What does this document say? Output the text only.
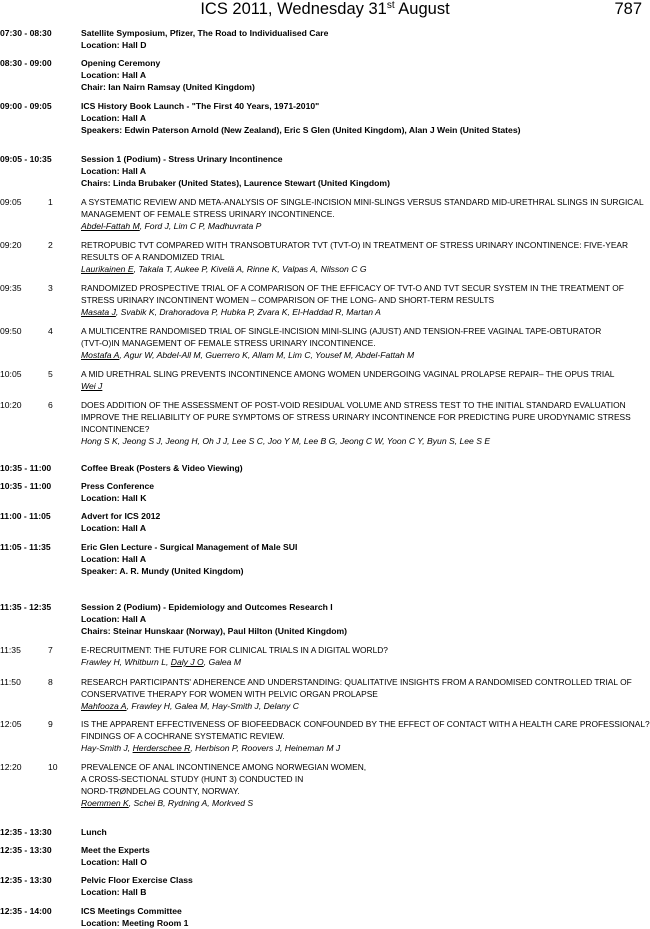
ICS 2011, Wednesday 31st August	787
07:30 - 08:30	Satellite Symposium, Pfizer, The Road to Individualised Care
Location: Hall D
08:30 - 09:00	Opening Ceremony
Location: Hall A
Chair: Ian Nairn Ramsay (United Kingdom)
09:00 - 09:05	ICS History Book Launch - "The First 40 Years, 1971-2010"
Location: Hall A
Speakers: Edwin Paterson Arnold (New Zealand), Eric S Glen (United Kingdom), Alan J Wein (United States)
09:05 - 10:35	Session 1 (Podium) - Stress Urinary Incontinence
Location: Hall A
Chairs: Linda Brubaker (United States), Laurence Stewart (United Kingdom)
09:05	1	A SYSTEMATIC REVIEW AND META-ANALYSIS OF SINGLE-INCISION MINI-SLINGS VERSUS STANDARD MID-URETHRAL SLINGS IN SURGICAL
MANAGEMENT OF FEMALE STRESS URINARY INCONTINENCE.
Abdel-Fattah M, Ford J, Lim C P, Madhuvrata P
09:20	2	RETROPUBIC TVT COMPARED WITH TRANSOBTURATOR TVT (TVT-O) IN TREATMENT OF STRESS URINARY INCONTINENCE: FIVE-YEAR
RESULTS OF A RANDOMIZED TRIAL
Laurikainen E, Takala T, Aukee P, Kivelä A, Rinne K, Valpas A, Nilsson C G
09:35	3	RANDOMIZED PROSPECTIVE TRIAL OF A COMPARISON OF THE EFFICACY OF TVT-O AND TVT SECUR SYSTEM IN THE TREATMENT OF
STRESS URINARY INCONTINENT WOMEN – COMPARISON OF THE LONG- AND SHORT-TERM RESULTS
Masata J, Svabik K, Drahoradova P, Hubka P, Zvara K, El-Haddad R, Martan A
09:50	4	A MULTICENTRE RANDOMISED TRIAL OF SINGLE-INCISION MINI-SLING (AJUST) AND TENSION-FREE VAGINAL TAPE-OBTURATOR
(TVT-O)IN MANAGEMENT OF FEMALE STRESS URINARY INCONTINENCE.
Mostafa A, Agur W, Abdel-All M, Guerrero K, Allam M, Lim C, Yousef M, Abdel-Fattah M
10:05	5	A MID URETHRAL SLING PREVENTS INCONTINENCE AMONG WOMEN UNDERGOING VAGINAL PROLAPSE REPAIR– THE OPUS TRIAL
Wei J
10:20	6	DOES ADDITION OF THE ASSESSMENT OF POST-VOID RESIDUAL VOLUME AND STRESS TEST TO THE INITIAL STANDARD EVALUATION
IMPROVE THE RELIABILITY OF PURE SYMPTOMS OF STRESS URINARY INCONTINENCE FOR PREDICTING PURE URODYNAMIC STRESS
INCONTINENCE?
Hong S K, Jeong S J, Jeong H, Oh J J, Lee S C, Joo Y M, Lee B G, Jeong C W, Yoon C Y, Byun S, Lee S E
10:35 - 11:00	Coffee Break (Posters & Video Viewing)
10:35 - 11:00	Press Conference
Location: Hall K
11:00 - 11:05	Advert for ICS 2012
Location: Hall A
11:05 - 11:35	Eric Glen Lecture - Surgical Management of Male SUI
Location: Hall A
Speaker: A. R. Mundy (United Kingdom)
11:35 - 12:35	Session 2 (Podium) - Epidemiology and Outcomes Research I
Location: Hall A
Chairs: Steinar Hunskaar (Norway), Paul Hilton (United Kingdom)
11:35	7	E-RECRUITMENT: THE FUTURE FOR CLINICAL TRIALS IN A DIGITAL WORLD?
Frawley H, Whitburn L, Daly J O, Galea M
11:50	8	RESEARCH PARTICIPANTS' ADHERENCE AND UNDERSTANDING: QUALITATIVE INSIGHTS FROM A RANDOMISED CONTROLLED TRIAL OF
CONSERVATIVE THERAPY FOR WOMEN WITH PELVIC ORGAN PROLAPSE
Mahfooza A, Frawley H, Galea M, Hay-Smith J, Delany C
12:05	9	IS THE APPARENT EFFECTIVENESS OF BIOFEEDBACK CONFOUNDED BY THE EFFECT OF CONTACT WITH A HEALTH CARE PROFESSIONAL?
FINDINGS OF A COCHRANE SYSTEMATIC REVIEW.
Hay-Smith J, Herderschee R, Herbison P, Roovers J, Heineman M J
12:20	10	PREVALENCE OF ANAL INCONTINENCE AMONG NORWEGIAN WOMEN,
A CROSS-SECTIONAL STUDY (HUNT 3) CONDUCTED IN
NORD-TRØNDELAG COUNTY, NORWAY.
Roemmen K, Schei B, Rydning A, Morkved S
12:35 - 13:30	Lunch
12:35 - 13:30	Meet the Experts
Location: Hall O
12:35 - 13:30	Pelvic Floor Exercise Class
Location: Hall B
12:35 - 14:00	ICS Meetings Committee
Location: Meeting Room 1
